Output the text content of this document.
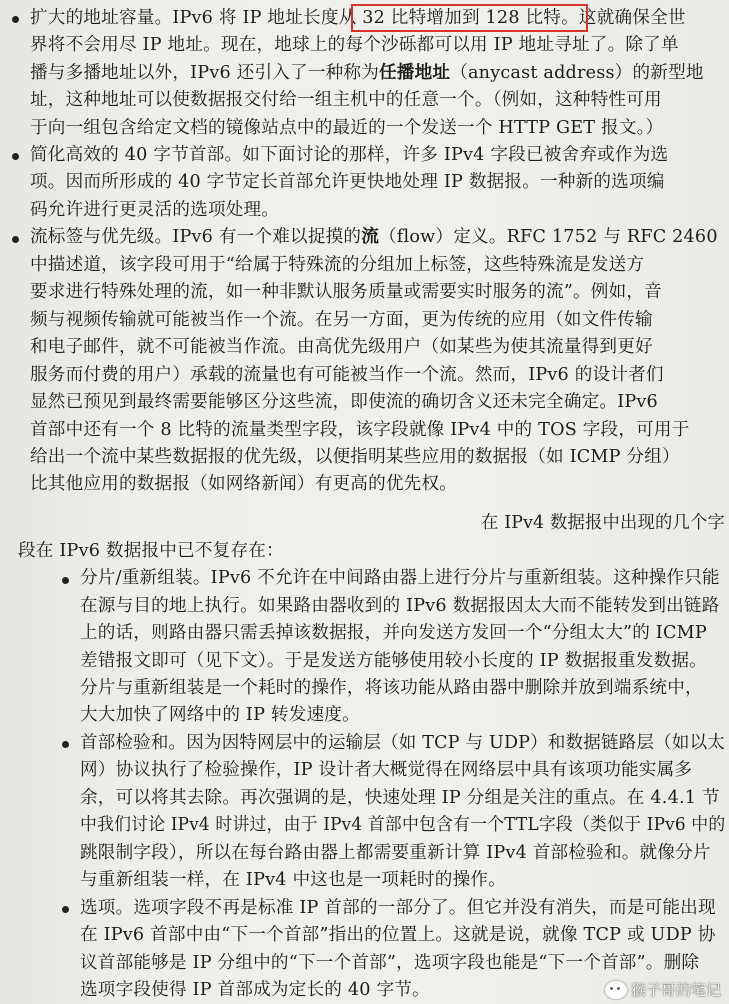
扩大的地址容量。IPv6 将 IP 地址长度从 32 比特增加到 128 比特。这就确保全世
界将不会用尽 IP 地址。现在，地球上的每个沙砾都可以用 IP 地址寻址了。除了单
播与多播地址以外，IPv6 还引入了一种称为任播地址（anycast address）的新型地
址，这种地址可以使数据报交付给一组主机中的任意一个。（例如，这种特性可用
于向一组包含给定文档的镜像站点中的最近的一个发送一个 HTTP GET 报文。）
简化高效的 40 字节首部。如下面讨论的那样，许多 IPv4 字段已被舍弃或作为选
项。因而所形成的 40 字节定长首部允许更快地处理 IP 数据报。一种新的选项编
码允许进行更灵活的选项处理。
流标签与优先级。IPv6 有一个难以捉摸的流（flow）定义。RFC 1752 与 RFC 2460
中描述道，该字段可用于“给属于特殊流的分组加上标签，这些特殊流是发送方
要求进行特殊处理的流，如一种非默认服务质量或需要实时服务的流”。例如，音
频与视频传输就可能被当作一个流。在另一方面，更为传统的应用（如文件传输
和电子邮件，就不可能被当作流。由高优先级用户（如某些为使其流量得到更好
服务而付费的用户）承载的流量也有可能被当作一个流。然而，IPv6 的设计者们
显然已预见到最终需要能够区分这些流，即使流的确切含义还未完全确定。IPv6
首部中还有一个 8 比特的流量类型字段，该字段就像 IPv4 中的 TOS 字段，可用于
给出一个流中某些数据报的优先级，以便指明某些应用的数据报（如 ICMP 分组）
比其他应用的数据报（如网络新闻）有更高的优先权。
在 IPv4 数据报中出现的几个字
段在 IPv6 数据报中已不复存在：
分片/重新组装。IPv6 不允许在中间路由器上进行分片与重新组装。这种操作只能
在源与目的地上执行。如果路由器收到的 IPv6 数据报因太大而不能转发到出链路
上的话，则路由器只需丢掉该数据报，并向发送方发回一个“分组太大”的 ICMP
差错报文即可（见下文）。于是发送方能够使用较小长度的 IP 数据报重发数据。
分片与重新组装是一个耗时的操作，将该功能从路由器中删除并放到端系统中，
大大加快了网络中的 IP 转发速度。
首部检验和。因为因特网层中的运输层（如 TCP 与 UDP）和数据链路层（如以太
网）协议执行了检验操作，IP 设计者大概觉得在网络层中具有该项功能实属多
余，可以将其去除。再次强调的是，快速处理 IP 分组是关注的重点。在 4.4.1 节
中我们讨论 IPv4 时讲过，由于 IPv4 首部中包含有一个TTL字段（类似于 IPv6 中的
跳限制字段），所以在每台路由器上都需要重新计算 IPv4 首部检验和。就像分片
与重新组装一样，在 IPv4 中这也是一项耗时的操作。
选项。选项字段不再是标准 IP 首部的一部分了。但它并没有消失，而是可能出现
在 IPv6 首部中由“下一个首部”指出的位置上。这就是说，就像 TCP 或 UDP 协
议首部能够是 IP 分组中的“下一个首部”，选项字段也能是“下一个首部”。删除
选项字段使得 IP 首部成为定长的 40 字节。	猴子哥的笔记
